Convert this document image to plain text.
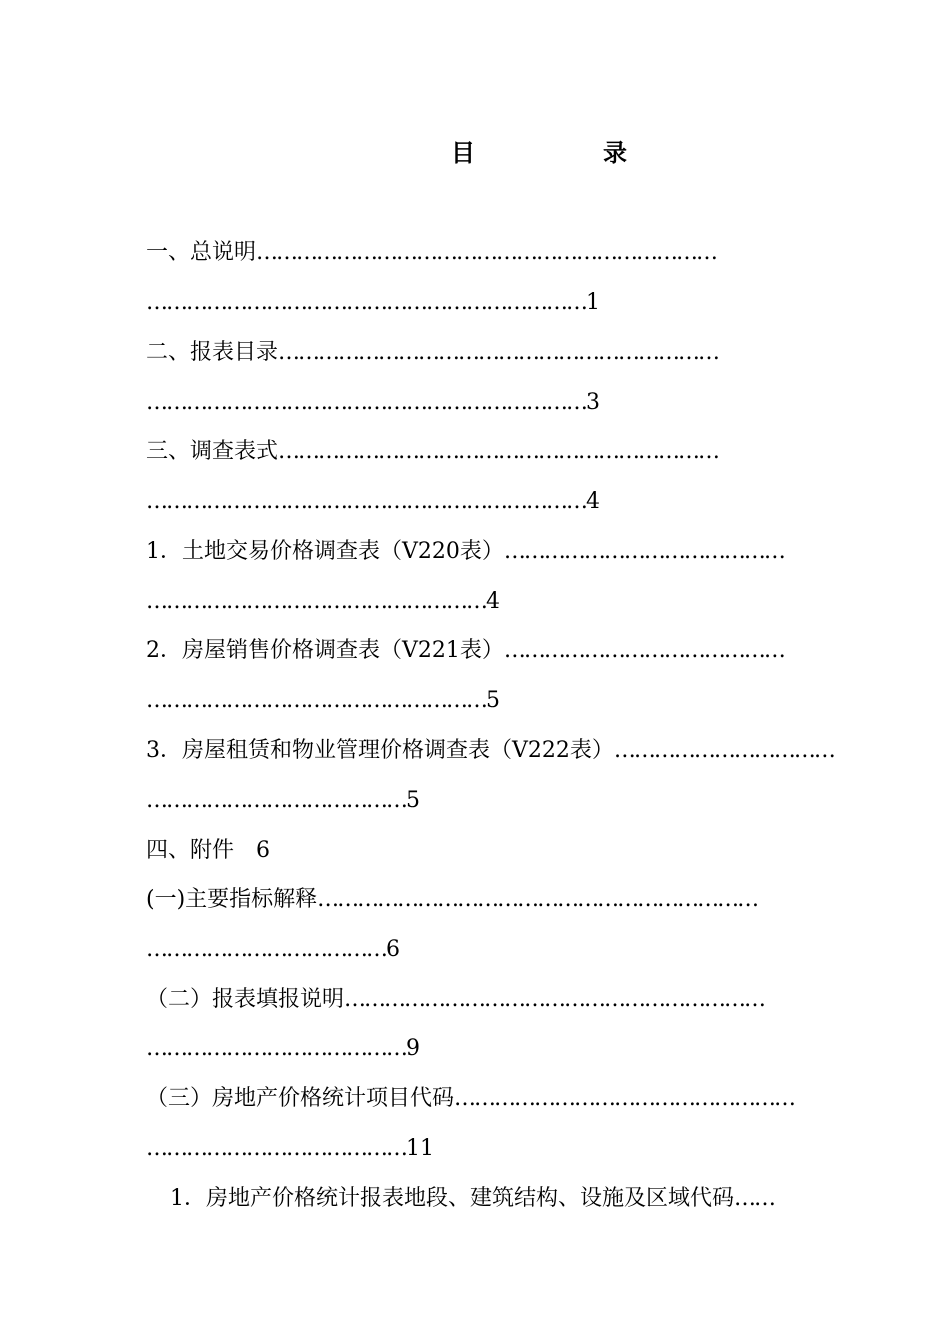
目	录
一、总说明……………………………………………………………
…………………………………………………………1
二、报表目录…………………………………………………………
…………………………………………………………3
三、调查表式…………………………………………………………
…………………………………………………………4
1．土地交易价格调查表（V220表）……………………………………
……………………………………………4
2．房屋销售价格调查表（V221表）……………………………………
……………………………………………5
3．房屋租赁和物业管理价格调查表（V222表）……………………………
…………………………………5
四、附件 6
(一)主要指标解释…………………………………………………………
………………………………6
（二）报表填报说明………………………………………………………
…………………………………9
（三）房地产价格统计项目代码……………………………………………
…………………………………11
1．房地产价格统计报表地段、建筑结构、设施及区域代码……
